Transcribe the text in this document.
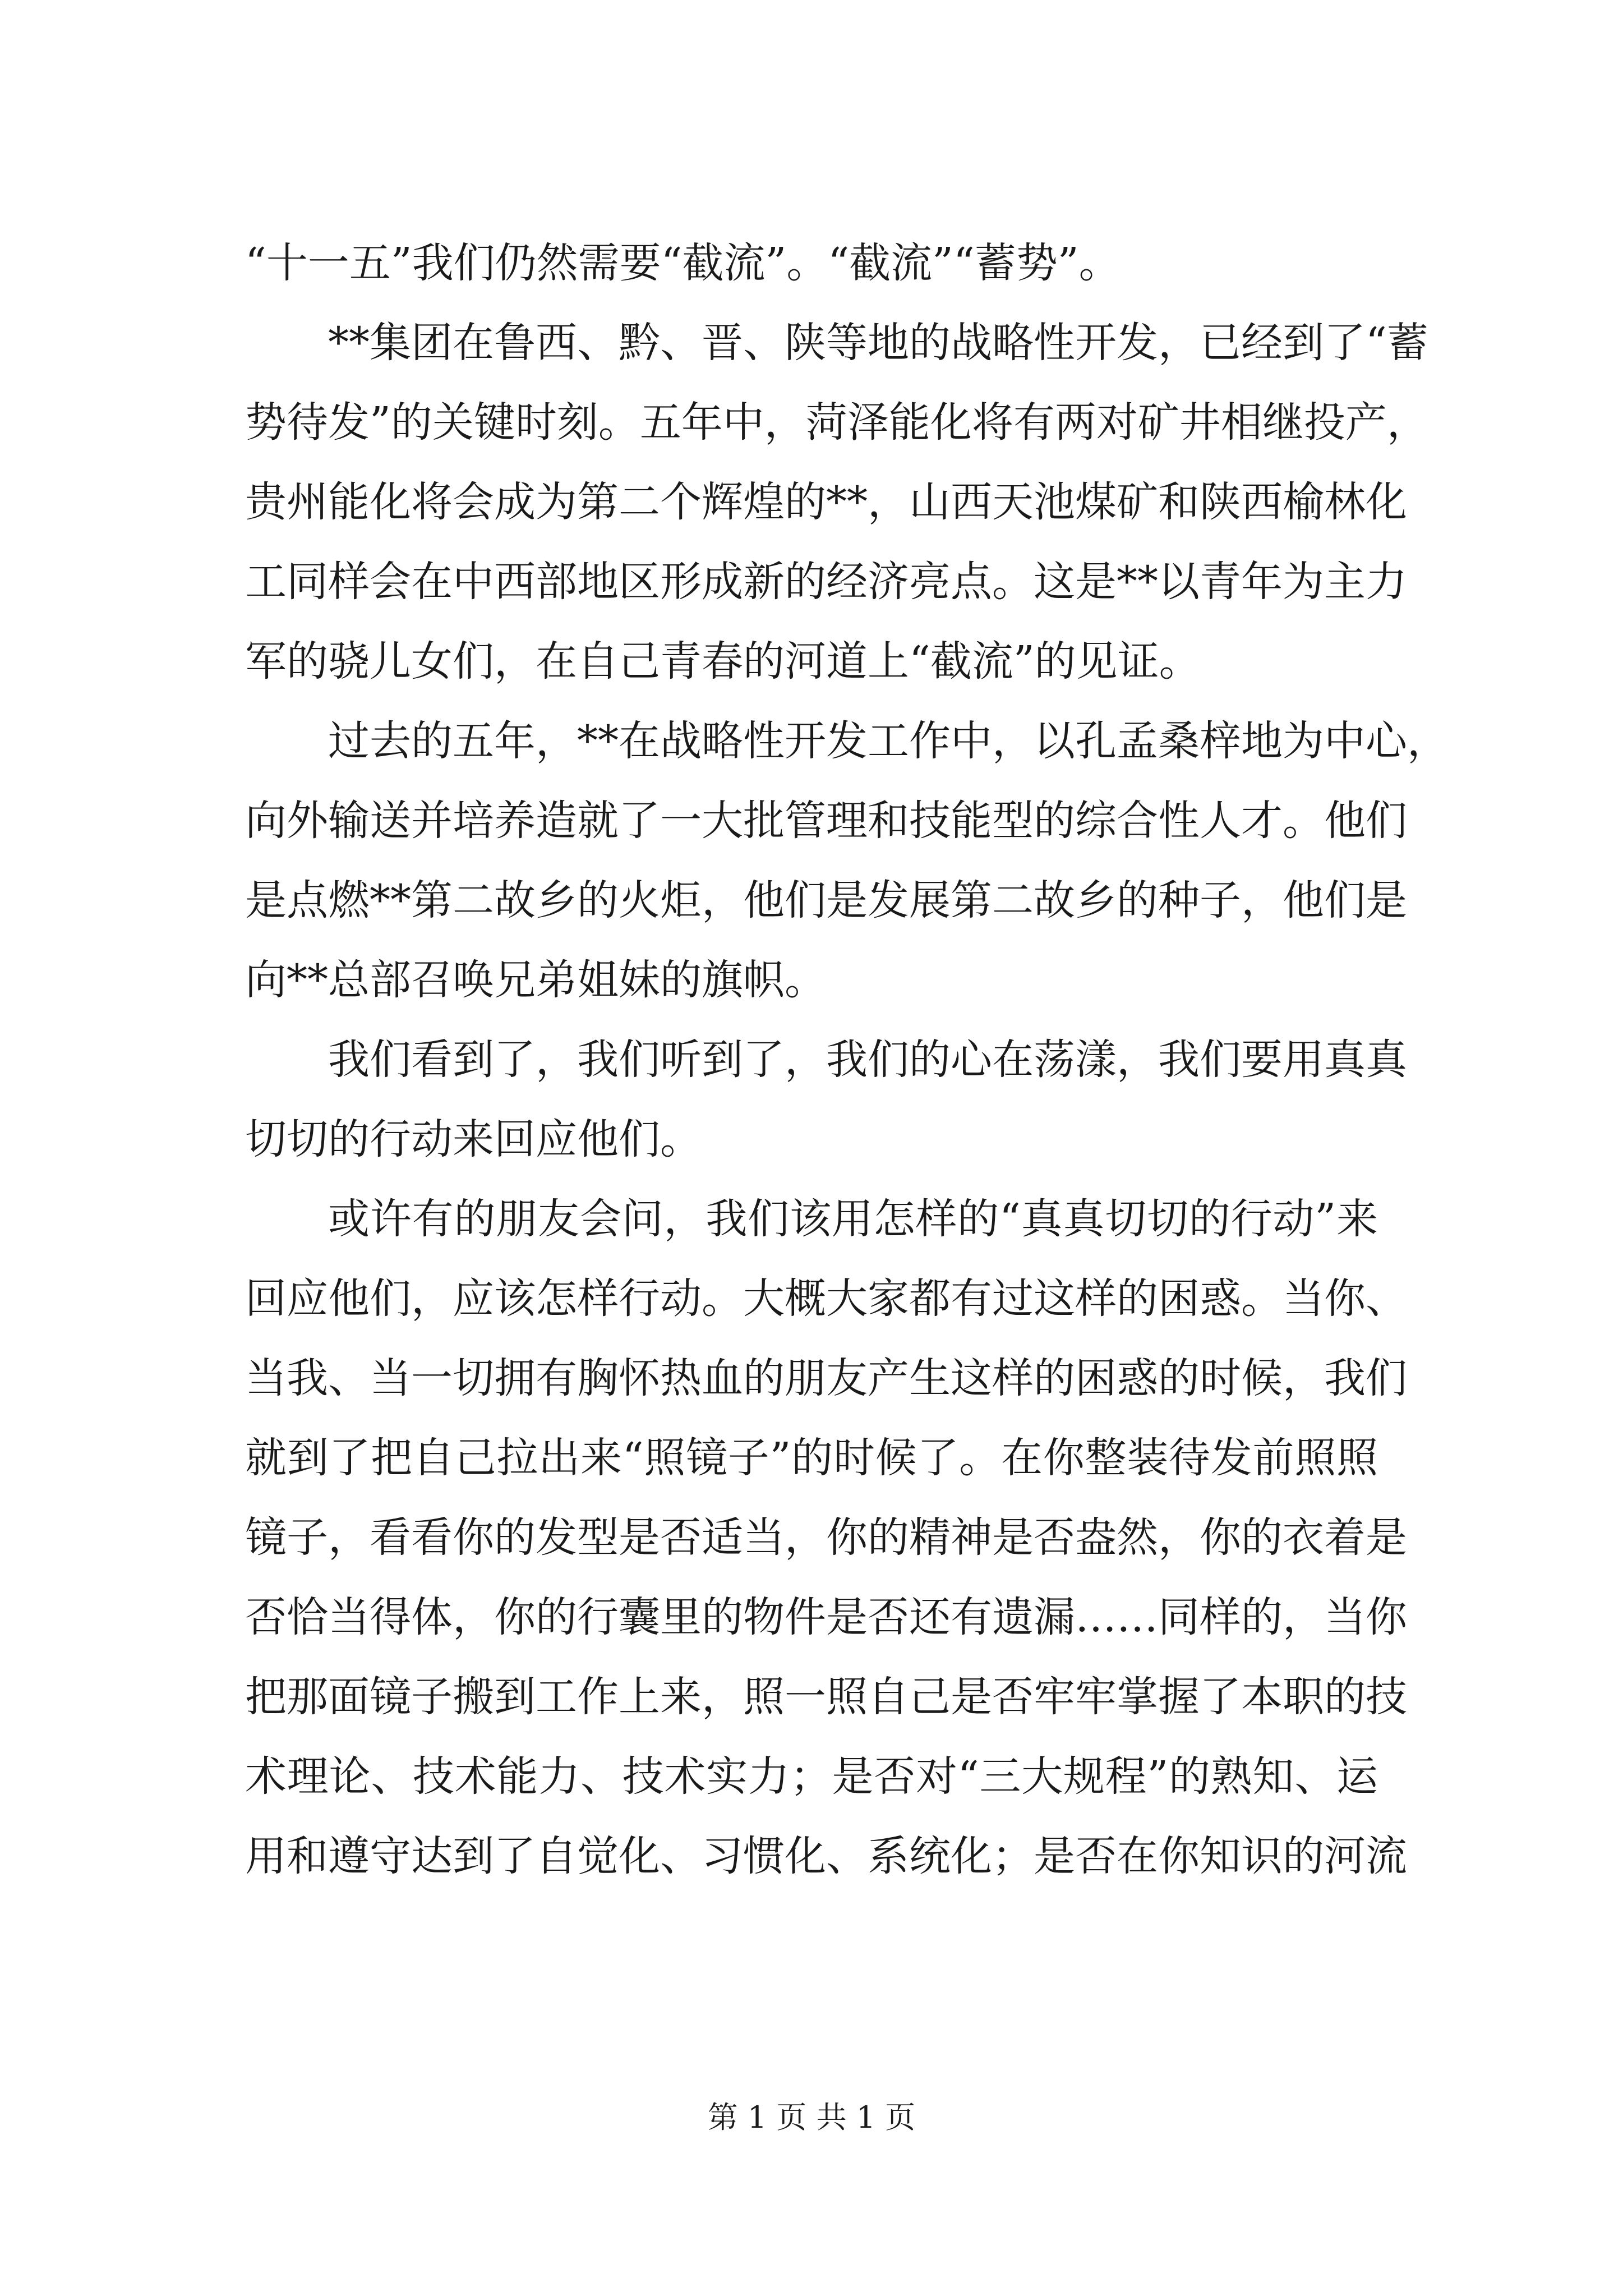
“十一五”我们仍然需要“截流”。“截流”“蓄势”。
**集团在鲁西、黔、晋、陕等地的战略性开发，已经到了“蓄
势待发”的关键时刻。五年中，菏泽能化将有两对矿井相继投产，
贵州能化将会成为第二个辉煌的**，山西天池煤矿和陕西榆林化
工同样会在中西部地区形成新的经济亮点。这是**以青年为主力
军的骁儿女们，在自己青春的河道上“截流”的见证。
过去的五年，**在战略性开发工作中，以孔孟桑梓地为中心，
向外输送并培养造就了一大批管理和技能型的综合性人才。他们
是点燃**第二故乡的火炬，他们是发展第二故乡的种子，他们是
向**总部召唤兄弟姐妹的旗帜。
我们看到了，我们听到了，我们的心在荡漾，我们要用真真
切切的行动来回应他们。
或许有的朋友会问，我们该用怎样的“真真切切的行动”来
回应他们，应该怎样行动。大概大家都有过这样的困惑。当你、
当我、当一切拥有胸怀热血的朋友产生这样的困惑的时候，我们
就到了把自己拉出来“照镜子”的时候了。在你整装待发前照照
镜子，看看你的发型是否适当，你的精神是否盎然，你的衣着是
否恰当得体，你的行囊里的物件是否还有遗漏……同样的，当你
把那面镜子搬到工作上来，照一照自己是否牢牢掌握了本职的技
术理论、技术能力、技术实力；是否对“三大规程”的熟知、运
用和遵守达到了自觉化、习惯化、系统化；是否在你知识的河流
第 1 页 共 1 页
